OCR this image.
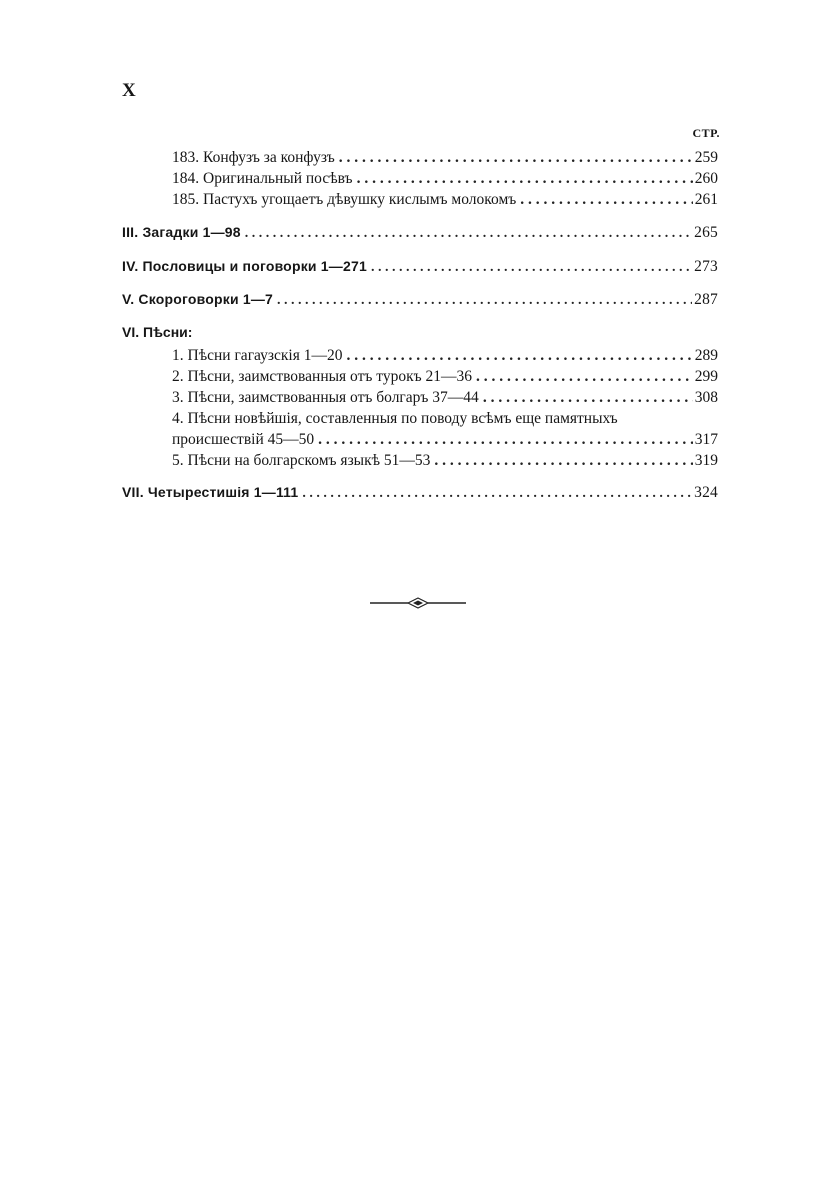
X
СТР.
183. Конфузъ за конфузъ . . .	259
184. Оригинальный посѣвъ . . .	260
185. Пастухъ угощаетъ дѣвушку кислымъ молокомъ . . .	261
III. Загадки 1—98 . . .	265
IV. Пословицы и поговорки 1—271 . . .	273
V. Скороговорки 1—7 . . .	287
VI. Пѣсни:
1. Пѣсни гагаузскія 1—20 . . .	289
2. Пѣсни, заимствованныя отъ турокъ 21—36 . . .	299
3. Пѣсни, заимствованныя отъ болгаръ 37—44 . . .	308
4. Пѣсни новѣйшія, составленныя по поводу всѣмъ еще памятныхъ
происшествій 45—50 . . .	317
5. Пѣсни на болгарскомъ языкѣ 51—53 . . .	319
VII. Четырестишія 1—111 . . .	324
